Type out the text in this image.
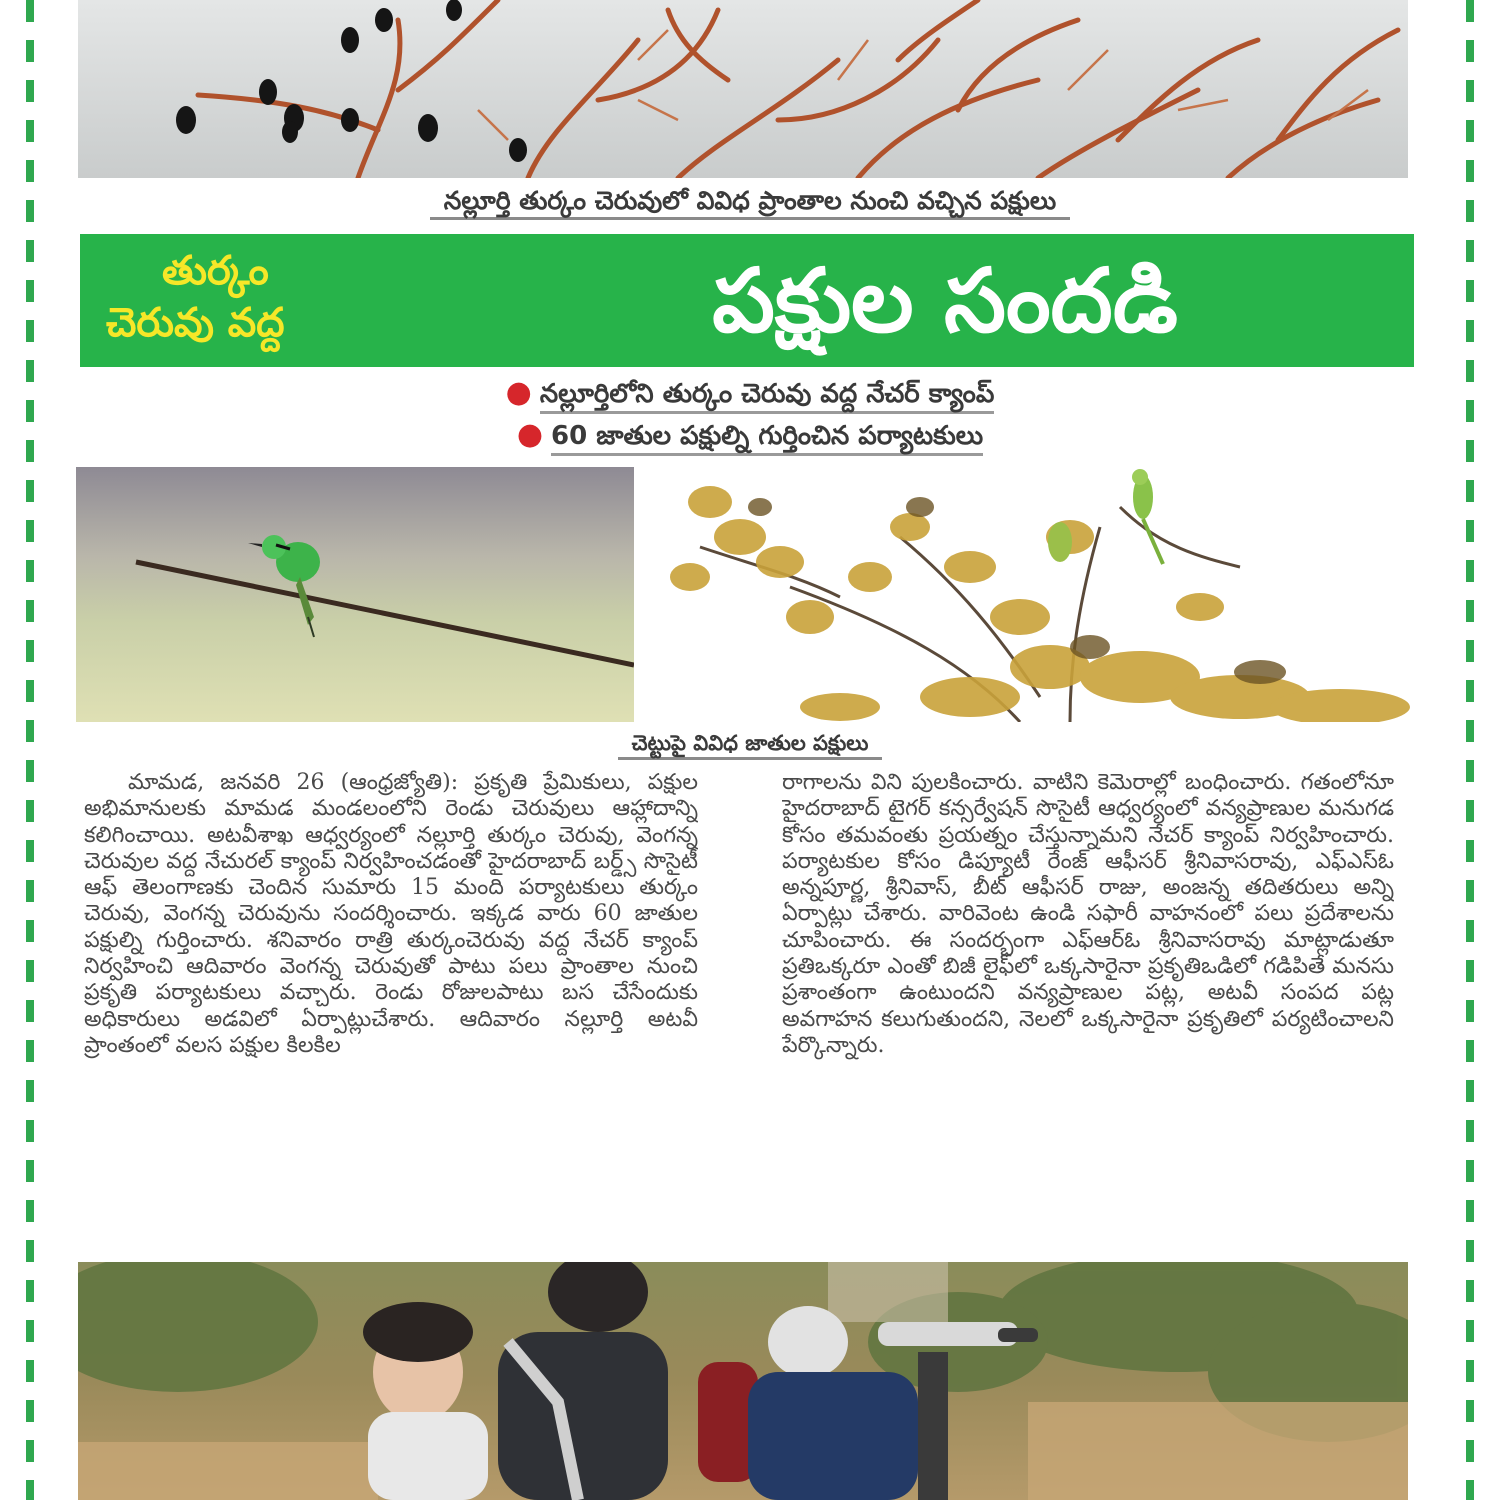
నల్లూర్తి తుర్కం చెరువులో వివిధ ప్రాంతాల నుంచి వచ్చిన పక్షులు
తుర్కం
చెరువు వద్ద	పక్షుల సందడి
● నల్లూర్తిలోని తుర్కం చెరువు వద్ద నేచర్ క్యాంప్
● 60 జాతుల పక్షుల్ని గుర్తించిన పర్యాటకులు
చెట్టుపై వివిధ జాతుల పక్షులు
మామడ, జనవరి 26 (ఆంధ్రజ్యోతి): ప్రకృతి ప్రేమికులు, పక్షుల అభిమానులకు మామడ మండలంలోని రెండు చెరువులు ఆహ్లాదాన్ని కలిగించాయి. అటవీశాఖ ఆధ్వర్యంలో నల్లూర్తి తుర్కం చెరువు, వెంగన్న చెరువుల వద్ద నేచురల్ క్యాంప్ నిర్వహించడంతో హైదరాబాద్ బర్డ్స్ సొసైటీ ఆఫ్ తెలంగాణకు చెందిన సుమారు 15 మంది పర్యాటకులు తుర్కం చెరువు, వెంగన్న చెరువును సందర్శించారు. ఇక్కడ వారు 60 జాతుల పక్షుల్ని గుర్తించారు. శనివారం రాత్రి తుర్కంచెరువు వద్ద నేచర్ క్యాంప్ నిర్వహించి ఆదివారం వెంగన్న చెరువుతో పాటు పలు ప్రాంతాల నుంచి ప్రకృతి పర్యాటకులు వచ్చారు. రెండు రోజులపాటు బస చేసేందుకు అధికారులు అడవిలో ఏర్పాట్లుచేశారు. ఆదివారం నల్లూర్తి అటవీ ప్రాంతంలో వలస పక్షుల కిలకిల
రాగాలను విని పులకించారు. వాటిని కెమెరాల్లో బంధించారు. గతంలోనూ హైదరాబాద్ టైగర్ కన్సర్వేషన్ సొసైటీ ఆధ్వర్యంలో వన్యప్రాణుల మనుగడ కోసం తమవంతు ప్రయత్నం చేస్తున్నామని నేచర్ క్యాంప్ నిర్వహించారు. పర్యాటకుల కోసం డిప్యూటీ రేంజ్ ఆఫీసర్ శ్రీనివాసరావు, ఎఫ్ఎస్ఓ అన్నపూర్ణ, శ్రీనివాస్, బీట్ ఆఫీసర్ రాజు, అంజన్న తదితరులు అన్ని ఏర్పాట్లు చేశారు. వారివెంట ఉండి సఫారీ వాహనంలో పలు ప్రదేశాలను చూపించారు. ఈ సందర్భంగా ఎఫ్ఆర్ఓ శ్రీనివాసరావు మాట్లాడుతూ ప్రతిఒక్కరూ ఎంతో బిజీ లైఫ్‌లో ఒక్కసారైనా ప్రకృతిఒడిలో గడిపితే మనసు ప్రశాంతంగా ఉంటుందని వన్యప్రాణుల పట్ల, అటవీ సంపద పట్ల అవగాహన కలుగుతుందని, నెలలో ఒక్కసారైనా ప్రకృతిలో పర్యటించాలని పేర్కొన్నారు.
